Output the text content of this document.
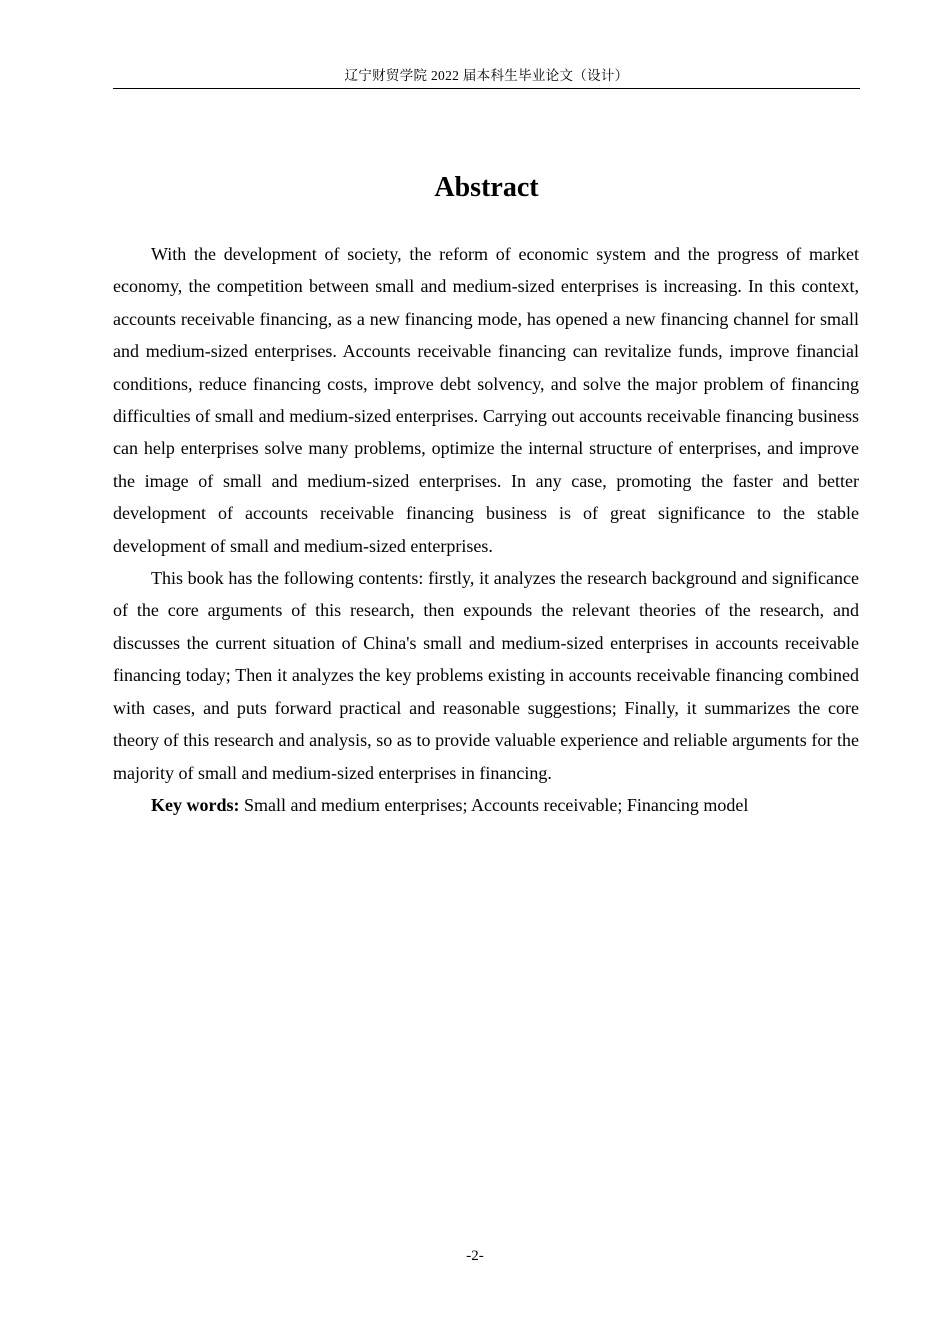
辽宁财贸学院 2022 届本科生毕业论文（设计）
Abstract

With the development of society, the reform of economic system and the progress of market economy, the competition between small and medium-sized enterprises is increasing. In this context, accounts receivable financing, as a new financing mode, has opened a new financing channel for small and medium-sized enterprises. Accounts receivable financing can revitalize funds, improve financial conditions, reduce financing costs, improve debt solvency, and solve the major problem of financing difficulties of small and medium-sized enterprises. Carrying out accounts receivable financing business can help enterprises solve many problems, optimize the internal structure of enterprises, and improve the image of small and medium-sized enterprises. In any case, promoting the faster and better development of accounts receivable financing business is of great significance to the stable development of small and medium-sized enterprises.

This book has the following contents: firstly, it analyzes the research background and significance of the core arguments of this research, then expounds the relevant theories of the research, and discusses the current situation of China's small and medium-sized enterprises in accounts receivable financing today; Then it analyzes the key problems existing in accounts receivable financing combined with cases, and puts forward practical and reasonable suggestions; Finally, it summarizes the core theory of this research and analysis, so as to provide valuable experience and reliable arguments for the majority of small and medium-sized enterprises in financing.

Key words: Small and medium enterprises; Accounts receivable; Financing model

-2-
